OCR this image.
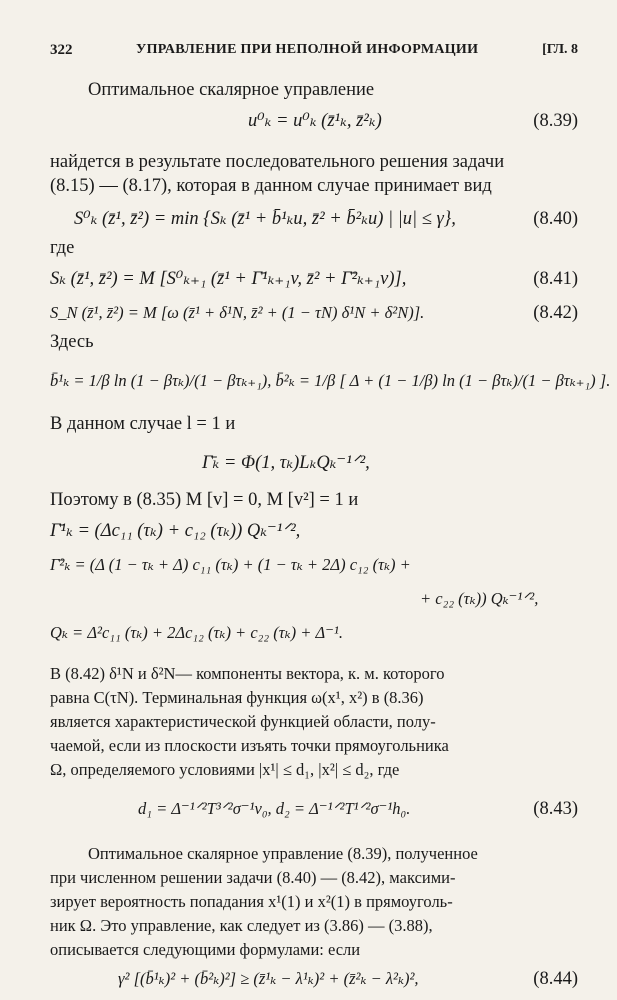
322	УПРАВЛЕНИЕ ПРИ НЕПОЛНОЙ ИНФОРМАЦИИ	[ГЛ. 8
Оптимальное скалярное управление
u⁰ₖ = u⁰ₖ (z̄¹ₖ, z̄²ₖ)	(8.39)
найдется в результате последовательного решения задачи
(8.15) — (8.17), которая в данном случае принимает вид
S⁰ₖ (z̄¹, z̄²) = min {Sₖ (z̄¹ + b̄¹ₖu, z̄² + b̄²ₖu) | |u| ≤ γ},	(8.40)
где
Sₖ (z̄¹, z̄²) = M [S⁰ₖ₊₁ (z̄¹ + Γ̄¹ₖ₊₁v, z̄² + Γ̄²ₖ₊₁v)],	(8.41)
S_N (z̄¹, z̄²) = M [ω (z̄¹ + δ¹N, z̄² + (1 − τN) δ¹N + δ²N)].	(8.42)
Здесь
b̄¹ₖ = 1/β ln (1 − βτₖ)/(1 − βτₖ₊₁), b̄²ₖ = 1/β [ Δ + (1 − 1/β) ln (1 − βτₖ)/(1 − βτₖ₊₁) ].
В данном случае l = 1 и
Γ̄ₖ = Φ(1, τₖ)LₖQₖ⁻¹ᐟ²,
Поэтому в (8.35) M [v] = 0, M [v²] = 1 и
Γ̄¹ₖ = (Δc₁₁ (τₖ) + c₁₂ (τₖ)) Qₖ⁻¹ᐟ²,
Γ̄²ₖ = (Δ (1 − τₖ + Δ) c₁₁ (τₖ) + (1 − τₖ + 2Δ) c₁₂ (τₖ) +
+ c₂₂ (τₖ)) Qₖ⁻¹ᐟ²,
Qₖ = Δ²c₁₁ (τₖ) + 2Δc₁₂ (τₖ) + c₂₂ (τₖ) + Δ⁻¹.
В (8.42) δ¹N и δ²N— компоненты вектора, к. м. которого
равна C(τN). Терминальная функция ω(x¹, x²) в (8.36)
является характеристической функцией области, полу-
чаемой, если из плоскости изъять точки прямоугольника
Ω, определяемого условиями |x¹| ≤ d₁, |x²| ≤ d₂, где
d₁ = Δ⁻¹ᐟ²T³ᐟ²σ⁻¹v₀, d₂ = Δ⁻¹ᐟ²T¹ᐟ²σ⁻¹h₀.	(8.43)
Оптимальное скалярное управление (8.39), полученное
при численном решении задачи (8.40) — (8.42), максими-
зирует вероятность попадания x¹(1) и x²(1) в прямоуголь-
ник Ω. Это управление, как следует из (3.86) — (3.88),
описывается следующими формулами: если
γ² [(b̄¹ₖ)² + (b̄²ₖ)²] ≥ (z̄¹ₖ − λ¹ₖ)² + (z̄²ₖ − λ²ₖ)²,	(8.44)
